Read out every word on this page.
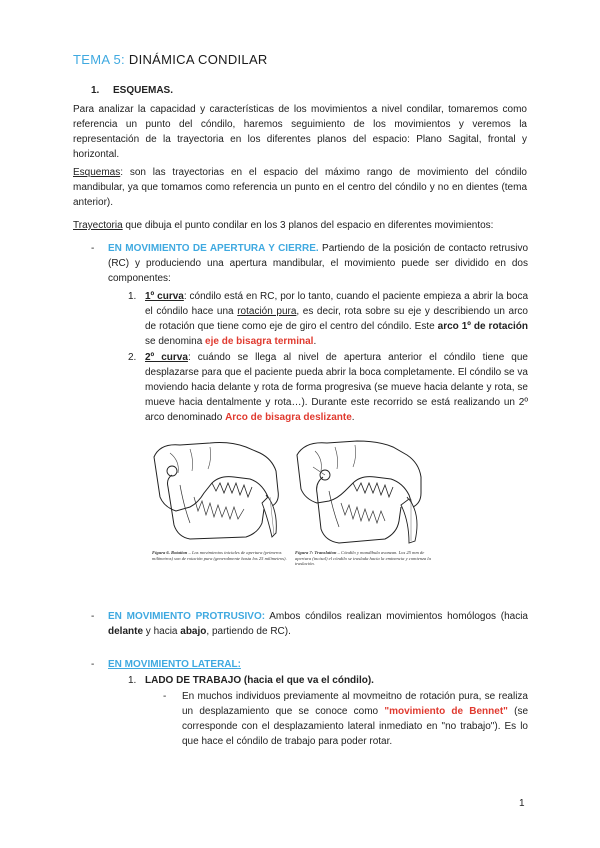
TEMA 5: DINÁMICA CONDILAR
1. ESQUEMAS.
Para analizar la capacidad y características de los movimientos a nivel condilar, tomaremos como referencia un punto del cóndilo, haremos seguimiento de los movimientos y veremos la representación de la trayectoria en los diferentes planos del espacio: Plano Sagital, frontal y horizontal.
Esquemas: son las trayectorias en el espacio del máximo rango de movimiento del cóndilo mandibular, ya que tomamos como referencia un punto en el centro del cóndilo y no en dientes (tema anterior).
Trayectoria que dibuja el punto condilar en los 3 planos del espacio en diferentes movimientos:
- EN MOVIMIENTO DE APERTURA Y CIERRE. Partiendo de la posición de contacto retrusivo (RC) y produciendo una apertura mandibular, el movimiento puede ser dividido en dos componentes:
1. 1º curva: cóndilo está en RC, por lo tanto, cuando el paciente empieza a abrir la boca el cóndilo hace una rotación pura, es decir, rota sobre su eje y describiendo un arco de rotación que tiene como eje de giro el centro del cóndilo. Este arco 1º de rotación se denomina eje de bisagra terminal.
2. 2º curva: cuándo se llega al nivel de apertura anterior el cóndilo tiene que desplazarse para que el paciente pueda abrir la boca completamente. El cóndilo se va moviendo hacia delante y rota de forma progresiva (se mueve hacia delante y rota, se mueve hacia dentalmente y rota…). Durante este recorrido se está realizando un 2º arco denominado Arco de bisagra deslizante.
Figura 6. Rotation – Los movimientos iniciales de apertura (primeros milímetros) son de rotación pura (generalmente hasta los 25 milímetros).
Figura 7: Translation – Cóndilo y mandíbula avanzan. Los 25 mm de apertura (incisal) el cóndilo se traslada hacia la eminencia y comienza la traslación.
- EN MOVIMIENTO PROTRUSIVO: Ambos cóndilos realizan movimientos homólogos (hacia delante y hacia abajo, partiendo de RC).
- EN MOVIMIENTO LATERAL:
1. LADO DE TRABAJO (hacia el que va el cóndilo).
- En muchos individuos previamente al movmeitno de rotación pura, se realiza un desplazamiento que se conoce como "movimiento de Bennet" (se corresponde con el desplazamiento lateral inmediato en "no trabajo"). Es lo que hace el cóndilo de trabajo para poder rotar.
1
